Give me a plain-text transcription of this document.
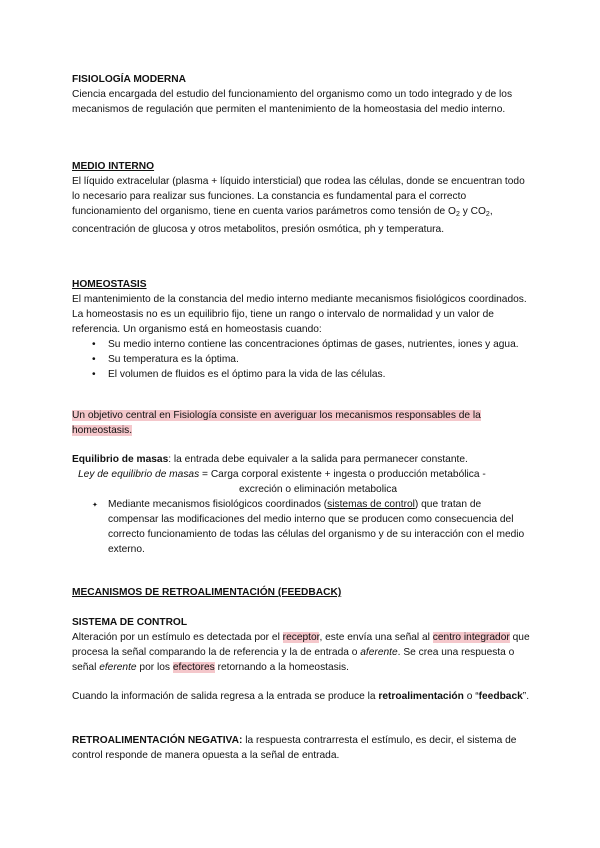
FISIOLOGÍA MODERNA
Ciencia encargada del estudio del funcionamiento del organismo como un todo integrado y de los mecanismos de regulación que permiten el mantenimiento de la homeostasia del medio interno.
MEDIO INTERNO
El líquido extracelular (plasma + líquido intersticial) que rodea las células, donde se encuentran todo lo necesario para realizar sus funciones. La constancia es fundamental para el correcto funcionamiento del organismo, tiene en cuenta varios parámetros como tensión de $O_2$ y $CO_2$, concentración de glucosa y otros metabolitos, presión osmótica, ph y temperatura.
HOMEOSTASIS
El mantenimiento de la constancia del medio interno mediante mecanismos fisiológicos coordinados. La homeostasis no es un equilibrio fijo, tiene un rango o intervalo de normalidad y un valor de referencia. Un organismo está en homeostasis cuando:
• Su medio interno contiene las concentraciones óptimas de gases, nutrientes, iones y agua.
• Su temperatura es la óptima.
• El volumen de fluidos es el óptimo para la vida de las células.
Un objetivo central en Fisiología consiste en averiguar los mecanismos responsables de la homeostasis.
Equilibrio de masas: la entrada debe equivaler a la salida para permanecer constante.
Ley de equilibrio de masas = Carga corporal existente + ingesta o producción metabólica -
excreción o eliminación metabolica
✦ Mediante mecanismos fisiológicos coordinados (sistemas de control) que tratan de compensar las modificaciones del medio interno que se producen como consecuencia del correcto funcionamiento de todas las células del organismo y de su interacción con el medio externo.
MECANISMOS DE RETROALIMENTACIÓN (FEEDBACK)
SISTEMA DE CONTROL
Alteración por un estímulo es detectada por el receptor, este envía una señal al centro integrador que procesa la señal comparando la de referencia y la de entrada o aferente. Se crea una respuesta o señal eferente por los efectores retornando a la homeostasis.
Cuando la información de salida regresa a la entrada se produce la retroalimentación o “feedback”.
RETROALIMENTACIÓN NEGATIVA: la respuesta contrarresta el estímulo, es decir, el sistema de control responde de manera opuesta a la señal de entrada.
